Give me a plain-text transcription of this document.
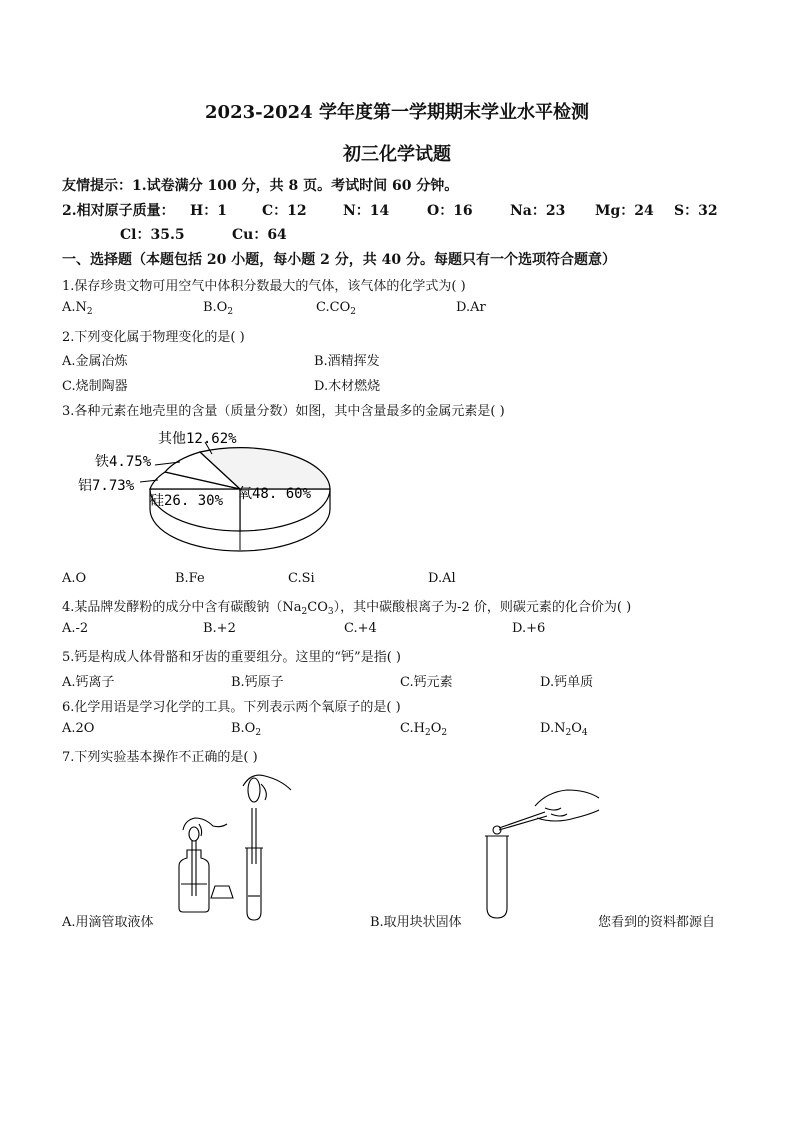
2023-2024 学年度第一学期期末学业水平检测
初三化学试题
友情提示：1.试卷满分 100 分，共 8 页。考试时间 60 分钟。
2.相对原子质量： H：1	C：12	N：14	O：16	Na：23 Mg：24 S：32
Cl：35.5	Cu：64
一、选择题（本题包括 20 小题，每小题 2 分，共 40 分。每题只有一个选项符合题意）
1.保存珍贵文物可用空气中体积分数最大的气体，该气体的化学式为( )
$A.N_2$	$B.O_2$	$C.CO_2$	D.Ar
2.下列变化属于物理变化的是( )
A.金属冶炼	B.酒精挥发
C.烧制陶器	D.木材燃烧
3.各种元素在地壳里的含量（质量分数）如图，其中含量最多的金属元素是( )
其他12.62%
铁4.75%
铝7.73%
硅26. 30% 氧48. 60%
A.O	B.Fe	C.Si	D.Al
4.某品牌发酵粉的成分中含有碳酸钠$(Na_2CO_3)$，其中碳酸根离子为-2 价，则碳元素的化合价为( )
A.-2	B.+2	C.+4	D.+6
5.钙是构成人体骨骼和牙齿的重要组分。这里的“钙”是指( )
A.钙离子	B.钙原子	C.钙元素	D.钙单质
6.化学用语是学习化学的工具。下列表示两个氧原子的是( )
A.2O	$B.O_2$	$C.H_2O_2$	$D.N_2O_4$
7.下列实验基本操作不正确的是( )
A.用滴管取液体	B.取用块状固体	您看到的资料都源自
